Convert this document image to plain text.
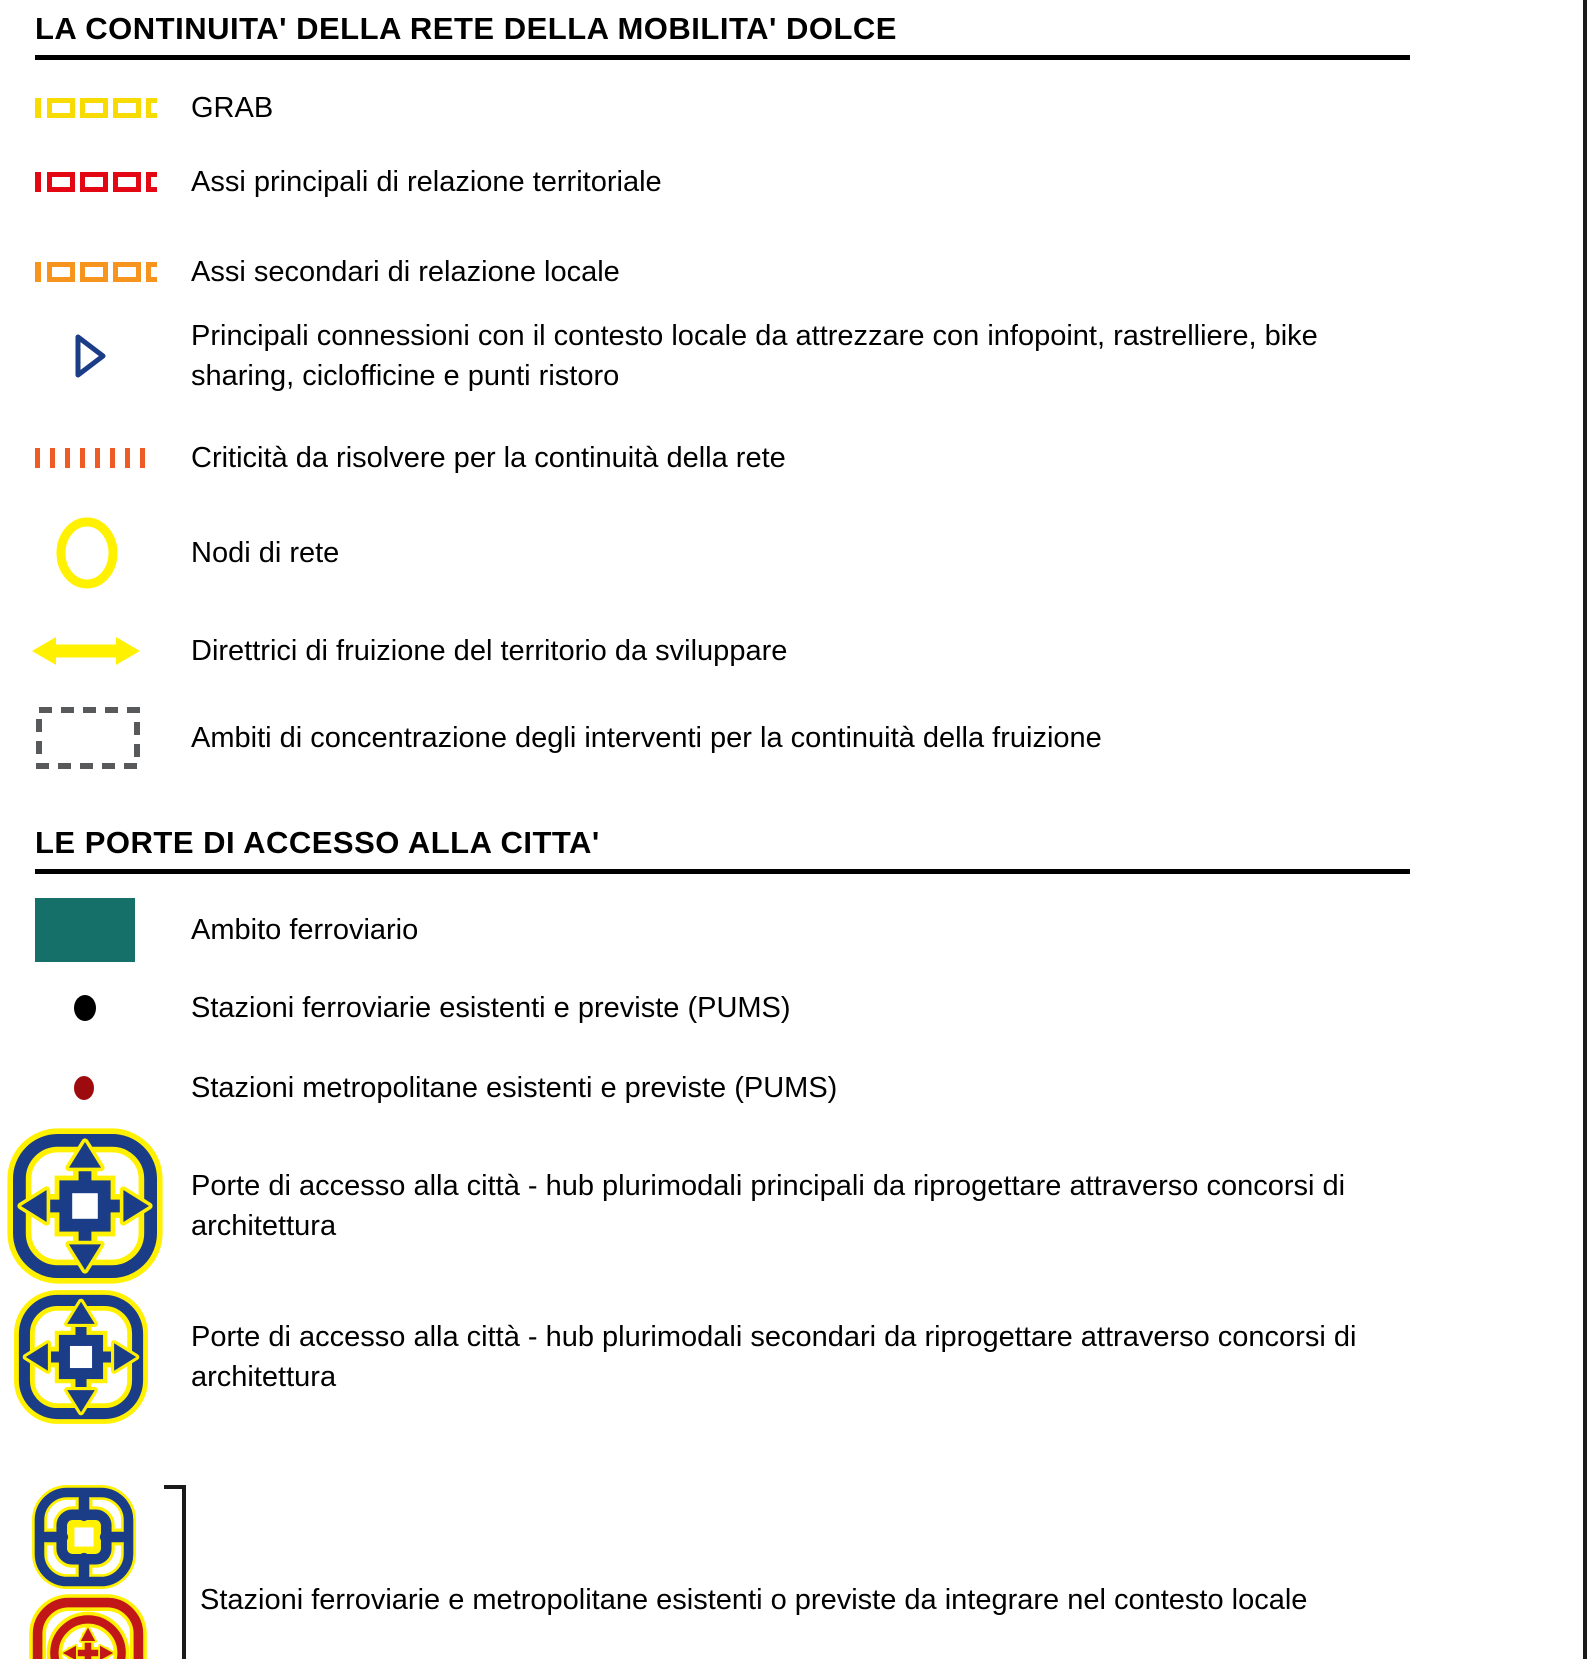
LA CONTINUITA' DELLA RETE DELLA MOBILITA' DOLCE
GRAB
Assi principali di relazione territoriale
Assi secondari di relazione locale
Principali connessioni con il contesto locale da attrezzare con infopoint, rastrelliere, bike sharing, ciclofficine e punti ristoro
Criticità da risolvere per la continuità della rete
Nodi di rete
Direttrici di fruizione del territorio da sviluppare
Ambiti di concentrazione degli interventi per la continuità della fruizione
LE PORTE DI ACCESSO ALLA CITTA'
Ambito ferroviario
Stazioni ferroviarie esistenti e previste (PUMS)
Stazioni metropolitane esistenti e previste (PUMS)
Porte di accesso alla città - hub plurimodali principali da riprogettare attraverso concorsi di architettura
Porte di accesso alla città - hub plurimodali secondari da riprogettare attraverso concorsi di architettura
Stazioni ferroviarie e metropolitane esistenti o previste da integrare nel contesto locale
